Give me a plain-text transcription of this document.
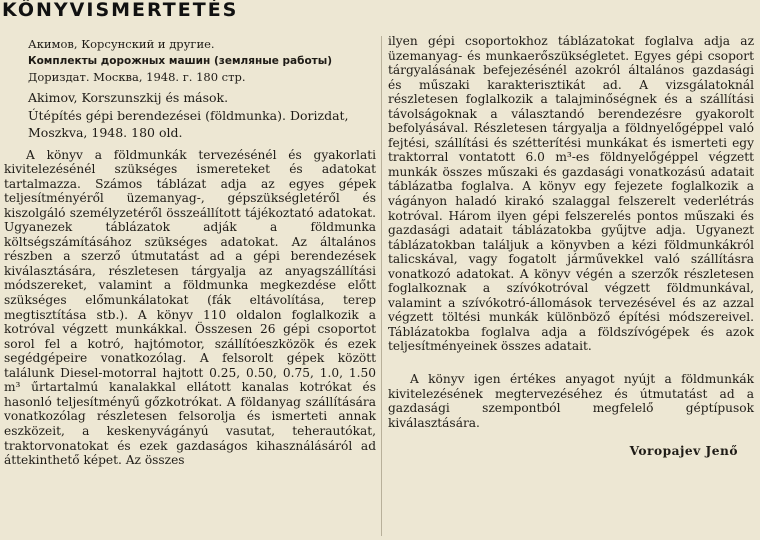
KÖNYVISMERTETÉS

Акимов, Корсунский и другие.

Комплекты дорожных машин (земляные работы)

Дориздат. Москва, 1948. г. 180 стр.

Akimov, Korszunszkij és mások.

Útépítés gépi berendezései (földmunka). Dorizdat, Moszkva, 1948. 180 old.

A könyv a földmunkák tervezésénél és gyakorlati kivitelezésénél szükséges ismereteket és adatokat tartalmazza. Számos táblázat adja az egyes gépek teljesítményéről üzemanyag-, gépszükségletéről és kiszolgáló személyzetéről összeállított tájékoztató adatokat. Ugyanezek táblázatok adják a földmunka költségszámításához szükséges adatokat. Az általános részben a szerző útmutatást ad a gépi berendezések kiválasztására, részletesen tárgyalja az anyagszállítási módszereket, valamint a földmunka megkezdése előtt szükséges előmunkálatokat (fák eltávolítása, terep megtisztítása stb.). A könyv 110 oldalon foglalkozik a kotróval végzett munkákkal. Összesen 26 gépi csoportot sorol fel a kotró, hajtómotor, szállítóeszközök és ezek segédgépeire vonatkozólag. A felsorolt gépek között találunk Diesel-motorral hajtott 0.25, 0.50, 0.75, 1.0, 1.50 m³ űrtartalmú kanalakkal ellátott kanalas kotrókat és hasonló teljesítményű gőzkotrókat. A földanyag szállítására vonatkozólag részletesen felsorolja és ismerteti annak eszközeit, a keskenyvágányú vasutat, teherautókat, traktorvonatokat és ezek gazdaságos kihasználásáról ad áttekinthető képet. Az összes

ilyen gépi csoportokhoz táblázatokat foglalva adja az üzemanyag- és munkaerőszükségletet. Egyes gépi csoport tárgyalásának befejezésénél azokról általános gazdasági és műszaki karakterisztikát ad. A vizsgálatoknál részletesen foglalkozik a talajminőségnek és a szállítási távolságoknak a választandó berendezésre gyakorolt befolyásával. Részletesen tárgyalja a földnyelőgéppel való fejtési, szállítási és szétterítési munkákat és ismerteti egy traktorral vontatott 6.0 m³-es földnyelőgéppel végzett munkák összes műszaki és gazdasági vonatkozású adatait táblázatba foglalva. A könyv egy fejezete foglalkozik a vágányon haladó kirakó szalaggal felszerelt vederlétrás kotróval. Három ilyen gépi felszerelés pontos műszaki és gazdasági adatait táblázatokba gyűjtve adja. Ugyanezt táblázatokban találjuk a könyvben a kézi földmunkákról talicskával, vagy fogatolt járművekkel való szállításra vonatkozó adatokat. A könyv végén a szerzők részletesen foglalkoznak a szívókotróval végzett földmunkával, valamint a szívókotró-állomások tervezésével és az azzal végzett töltési munkák különböző építési módszereivel. Táblázatokba foglalva adja a földszívógépek és azok teljesítményeinek összes adatait.

A könyv igen értékes anyagot nyújt a földmunkák kivitelezésének megtervezéséhez és útmutatást ad a gazdasági szempontból megfelelő géptípusok kiválasztására.

Voropajev Jenő
